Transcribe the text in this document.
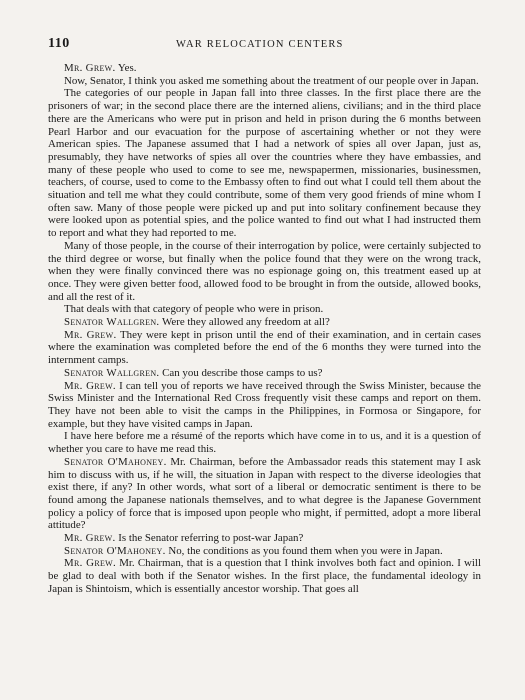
110	WAR RELOCATION CENTERS

Mr. Grew. Yes.

Now, Senator, I think you asked me something about the treatment of our people over in Japan.

The categories of our people in Japan fall into three classes. In the first place there are the prisoners of war; in the second place there are the interned aliens, civilians; and in the third place there are the Americans who were put in prison and held in prison during the 6 months between Pearl Harbor and our evacuation for the purpose of ascertaining whether or not they were American spies. The Japanese assumed that I had a network of spies all over Japan, just as, presumably, they have networks of spies all over the countries where they have embassies, and many of these people who used to come to see me, newspapermen, missionaries, businessmen, teachers, of course, used to come to the Embassy often to find out what I could tell them about the situation and tell me what they could contribute, some of them very good friends of mine whom I often saw. Many of those people were picked up and put into solitary confinement because they were looked upon as potential spies, and the police wanted to find out what I had instructed them to report and what they had reported to me.

Many of those people, in the course of their interrogation by police, were certainly subjected to the third degree or worse, but finally when the police found that they were on the wrong track, when they were finally convinced there was no espionage going on, this treatment eased up at once. They were given better food, allowed food to be brought in from the outside, allowed books, and all the rest of it.

That deals with that category of people who were in prison.

Senator Wallgren. Were they allowed any freedom at all?

Mr. Grew. They were kept in prison until the end of their examination, and in certain cases where the examination was completed before the end of the 6 months they were turned into the internment camps.

Senator Wallgren. Can you describe those camps to us?

Mr. Grew. I can tell you of reports we have received through the Swiss Minister, because the Swiss Minister and the International Red Cross frequently visit these camps and report on them. They have not been able to visit the camps in the Philippines, in Formosa or Singapore, for example, but they have visited camps in Japan.

I have here before me a résumé of the reports which have come in to us, and it is a question of whether you care to have me read this.

Senator O'Mahoney. Mr. Chairman, before the Ambassador reads this statement may I ask him to discuss with us, if he will, the situation in Japan with respect to the diverse ideologies that exist there, if any? In other words, what sort of a liberal or democratic sentiment is there to be found among the Japanese nationals themselves, and to what degree is the Japanese Government policy a policy of force that is imposed upon people who might, if permitted, adopt a more liberal attitude?

Mr. Grew. Is the Senator referring to post-war Japan?

Senator O'Mahoney. No, the conditions as you found them when you were in Japan.

Mr. Grew. Mr. Chairman, that is a question that I think involves both fact and opinion. I will be glad to deal with both if the Senator wishes. In the first place, the fundamental ideology in Japan is Shintoism, which is essentially ancestor worship. That goes all
